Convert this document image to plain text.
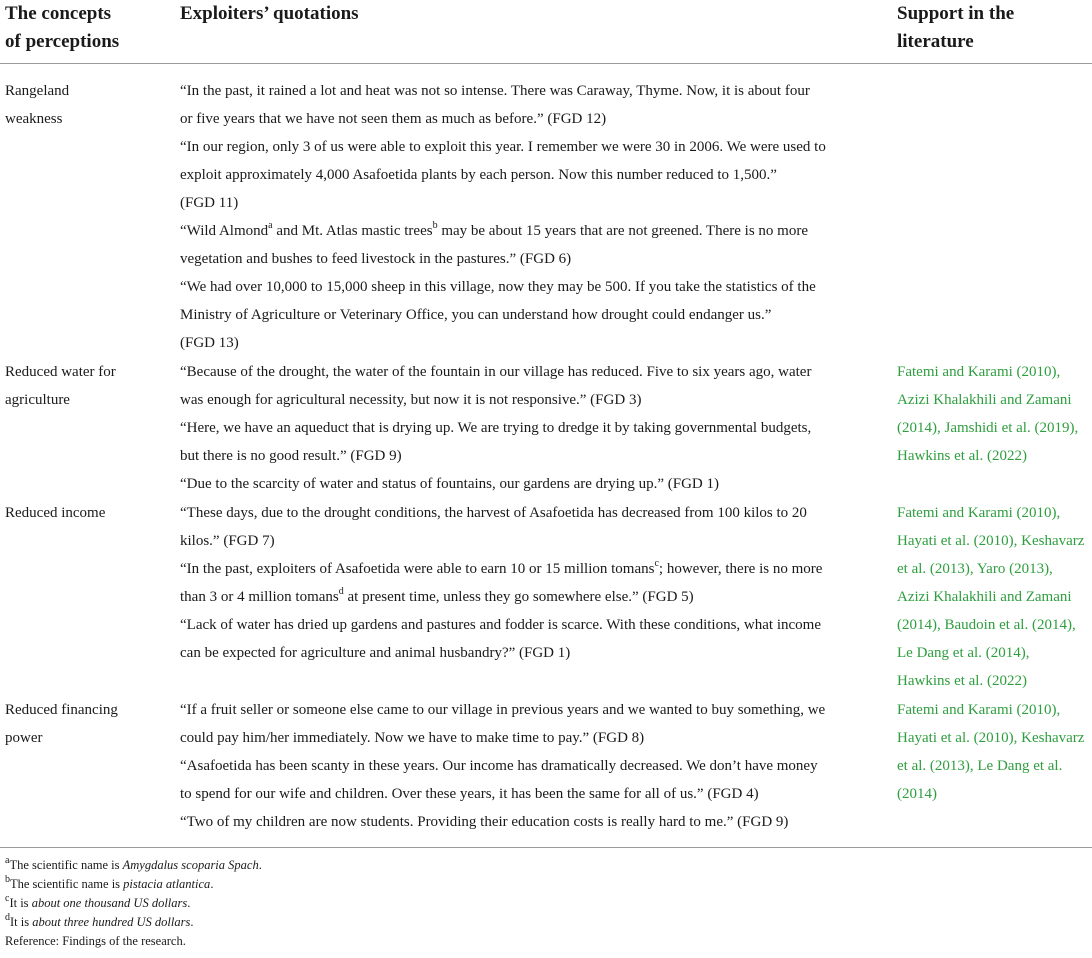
The concepts
of perceptions
Exploiters’ quotations	Support in the
literature
Rangeland
weakness
“In the past, it rained a lot and heat was not so intense. There was Caraway, Thyme. Now, it is about four
or five years that we have not seen them as much as before.” (FGD 12)
“In our region, only 3 of us were able to exploit this year. I remember we were 30 in 2006. We were used to
exploit approximately 4,000 Asafoetida plants by each person. Now this number reduced to 1,500.”
(FGD 11)
“Wild Almond$^a$ and Mt. Atlas mastic trees$^b$ may be about 15 years that are not greened. There is no more
vegetation and bushes to feed livestock in the pastures.” (FGD 6)
“We had over 10,000 to 15,000 sheep in this village, now they may be 500. If you take the statistics of the
Ministry of Agriculture or Veterinary Office, you can understand how drought could endanger us.”
(FGD 13)
Reduced water for
agriculture
“Because of the drought, the water of the fountain in our village has reduced. Five to six years ago, water
was enough for agricultural necessity, but now it is not responsive.” (FGD 3)
“Here, we have an aqueduct that is drying up. We are trying to dredge it by taking governmental budgets,
but there is no good result.” (FGD 9)
“Due to the scarcity of water and status of fountains, our gardens are drying up.” (FGD 1)
Fatemi and Karami (2010),
Azizi Khalakhili and Zamani
(2014), Jamshidi et al. (2019),
Hawkins et al. (2022)
Reduced income	“These days, due to the drought conditions, the harvest of Asafoetida has decreased from 100 kilos to 20
kilos.” (FGD 7)
“In the past, exploiters of Asafoetida were able to earn 10 or 15 million tomans$^c$; however, there is no more
than 3 or 4 million tomans$^d$ at present time, unless they go somewhere else.” (FGD 5)
“Lack of water has dried up gardens and pastures and fodder is scarce. With these conditions, what income
can be expected for agriculture and animal husbandry?” (FGD 1)
Fatemi and Karami (2010),
Hayati et al. (2010), Keshavarz
et al. (2013), Yaro (2013),
Azizi Khalakhili and Zamani
(2014), Baudoin et al. (2014),
Le Dang et al. (2014),
Hawkins et al. (2022)
Reduced financing
power
“If a fruit seller or someone else came to our village in previous years and we wanted to buy something, we
could pay him/her immediately. Now we have to make time to pay.” (FGD 8)
“Asafoetida has been scanty in these years. Our income has dramatically decreased. We don’t have money
to spend for our wife and children. Over these years, it has been the same for all of us.” (FGD 4)
“Two of my children are now students. Providing their education costs is really hard to me.” (FGD 9)
Fatemi and Karami (2010),
Hayati et al. (2010), Keshavarz
et al. (2013), Le Dang et al.
(2014)
$^a$The scientific name is Amygdalus scoparia Spach.
$^b$The scientific name is pistacia atlantica.
$^c$It is about one thousand US dollars.
$^d$It is about three hundred US dollars.
Reference: Findings of the research.
